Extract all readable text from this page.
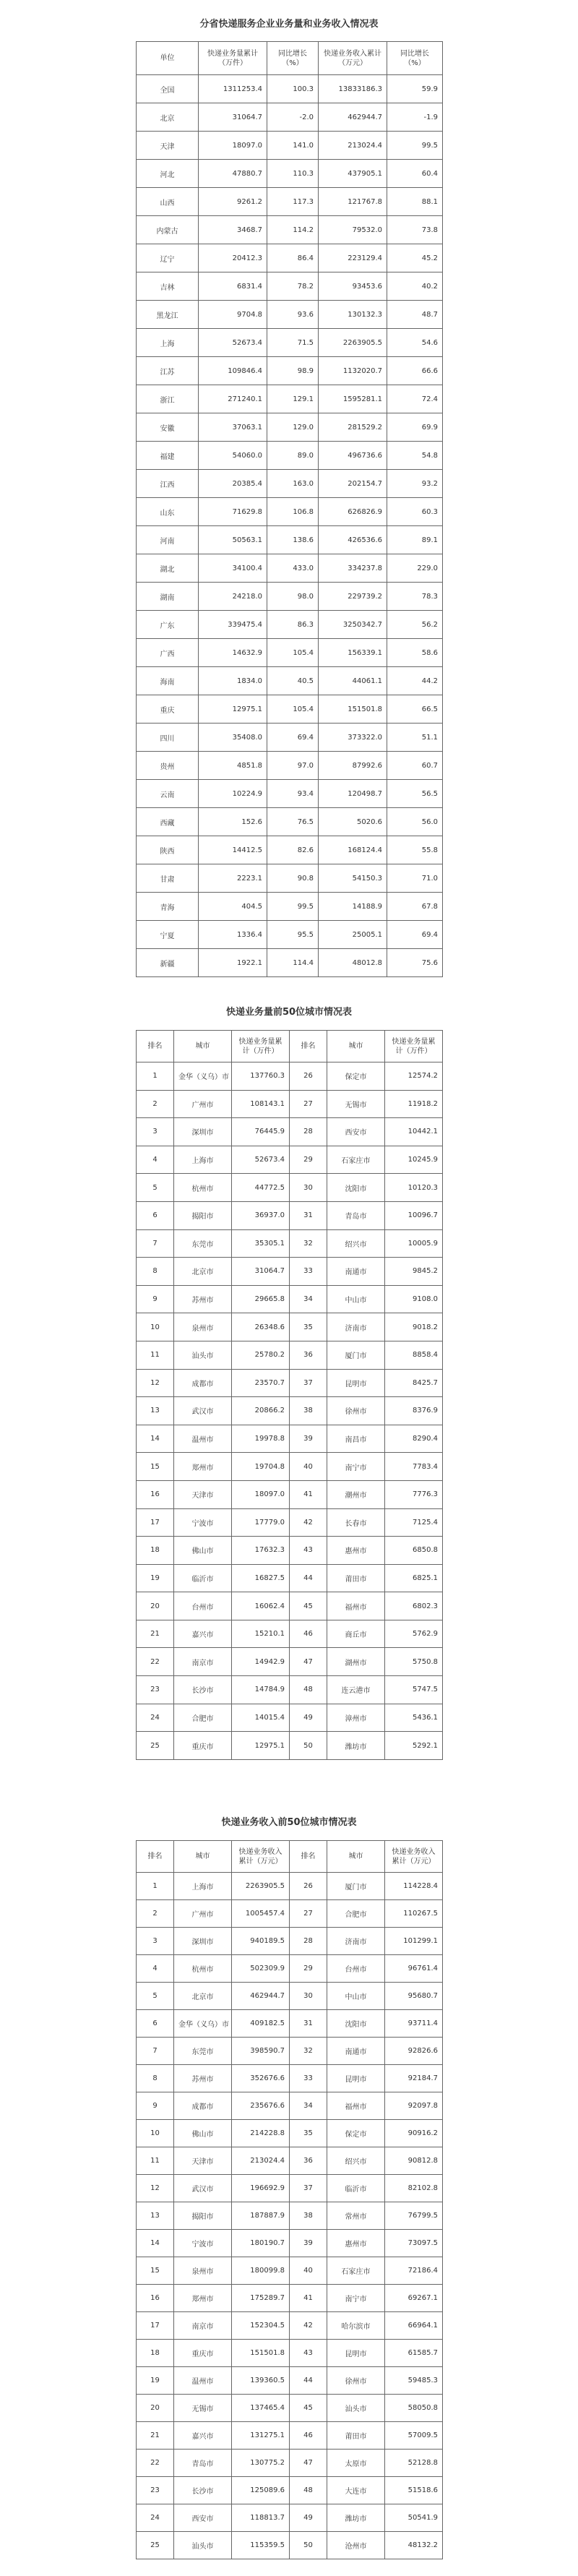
分省快递服务企业业务量和业务收入情况表
单位	快递业务量累计（万件）	同比增长（%）	快递业务收入累计（万元）	同比增长（%）
全国	1311253.4	100.3	13833186.3	59.9
北京	31064.7	-2.0	462944.7	-1.9
天津	18097.0	141.0	213024.4	99.5
河北	47880.7	110.3	437905.1	60.4
山西	9261.2	117.3	121767.8	88.1
内蒙古	3468.7	114.2	79532.0	73.8
辽宁	20412.3	86.4	223129.4	45.2
吉林	6831.4	78.2	93453.6	40.2
黑龙江	9704.8	93.6	130132.3	48.7
上海	52673.4	71.5	2263905.5	54.6
江苏	109846.4	98.9	1132020.7	66.6
浙江	271240.1	129.1	1595281.1	72.4
安徽	37063.1	129.0	281529.2	69.9
福建	54060.0	89.0	496736.6	54.8
江西	20385.4	163.0	202154.7	93.2
山东	71629.8	106.8	626826.9	60.3
河南	50563.1	138.6	426536.6	89.1
湖北	34100.4	433.0	334237.8	229.0
湖南	24218.0	98.0	229739.2	78.3
广东	339475.4	86.3	3250342.7	56.2
广西	14632.9	105.4	156339.1	58.6
海南	1834.0	40.5	44061.1	44.2
重庆	12975.1	105.4	151501.8	66.5
四川	35408.0	69.4	373322.0	51.1
贵州	4851.8	97.0	87992.6	60.7
云南	10224.9	93.4	120498.7	56.5
西藏	152.6	76.5	5020.6	56.0
陕西	14412.5	82.6	168124.4	55.8
甘肃	2223.1	90.8	54150.3	71.0
青海	404.5	99.5	14188.9	67.8
宁夏	1336.4	95.5	25005.1	69.4
新疆	1922.1	114.4	48012.8	75.6
快递业务量前50位城市情况表
排名	城市	快递业务量累计（万件）	排名	城市	快递业务量累计（万件）
1	金华（义乌）市	137760.3	26	保定市	12574.2
2	广州市	108143.1	27	无锡市	11918.2
3	深圳市	76445.9	28	西安市	10442.1
4	上海市	52673.4	29	石家庄市	10245.9
5	杭州市	44772.5	30	沈阳市	10120.3
6	揭阳市	36937.0	31	青岛市	10096.7
7	东莞市	35305.1	32	绍兴市	10005.9
8	北京市	31064.7	33	南通市	9845.2
9	苏州市	29665.8	34	中山市	9108.0
10	泉州市	26348.6	35	济南市	9018.2
11	汕头市	25780.2	36	厦门市	8858.4
12	成都市	23570.7	37	昆明市	8425.7
13	武汉市	20866.2	38	徐州市	8376.9
14	温州市	19978.8	39	南昌市	8290.4
15	郑州市	19704.8	40	南宁市	7783.4
16	天津市	18097.0	41	潮州市	7776.3
17	宁波市	17779.0	42	长春市	7125.4
18	佛山市	17632.3	43	惠州市	6850.8
19	临沂市	16827.5	44	莆田市	6825.1
20	台州市	16062.4	45	福州市	6802.3
21	嘉兴市	15210.1	46	商丘市	5762.9
22	南京市	14942.9	47	湖州市	5750.8
23	长沙市	14784.9	48	连云港市	5747.5
24	合肥市	14015.4	49	漳州市	5436.1
25	重庆市	12975.1	50	潍坊市	5292.1
快递业务收入前50位城市情况表
排名	城市	快递业务收入累计（万元）	排名	城市	快递业务收入累计（万元）
1	上海市	2263905.5	26	厦门市	114228.4
2	广州市	1005457.4	27	合肥市	110267.5
3	深圳市	940189.5	28	济南市	101299.1
4	杭州市	502309.9	29	台州市	96761.4
5	北京市	462944.7	30	中山市	95680.7
6	金华（义乌）市	409182.5	31	沈阳市	93711.4
7	东莞市	398590.7	32	南通市	92826.6
8	苏州市	352676.6	33	昆明市	92184.7
9	成都市	235676.6	34	福州市	92097.8
10	佛山市	214228.8	35	保定市	90916.2
11	天津市	213024.4	36	绍兴市	90812.8
12	武汉市	196692.9	37	临沂市	82102.8
13	揭阳市	187887.9	38	常州市	76799.5
14	宁波市	180190.7	39	惠州市	73097.5
15	泉州市	180099.8	40	石家庄市	72186.4
16	郑州市	175289.7	41	南宁市	69267.1
17	南京市	152304.5	42	哈尔滨市	66964.1
18	重庆市	151501.8	43	昆明市	61585.7
19	温州市	139360.5	44	徐州市	59485.3
20	无锡市	137465.4	45	汕头市	58050.8
21	嘉兴市	131275.1	46	莆田市	57009.5
22	青岛市	130775.2	47	太原市	52128.8
23	长沙市	125089.6	48	大连市	51518.6
24	西安市	118813.7	49	潍坊市	50541.9
25	汕头市	115359.5	50	沧州市	48132.2
